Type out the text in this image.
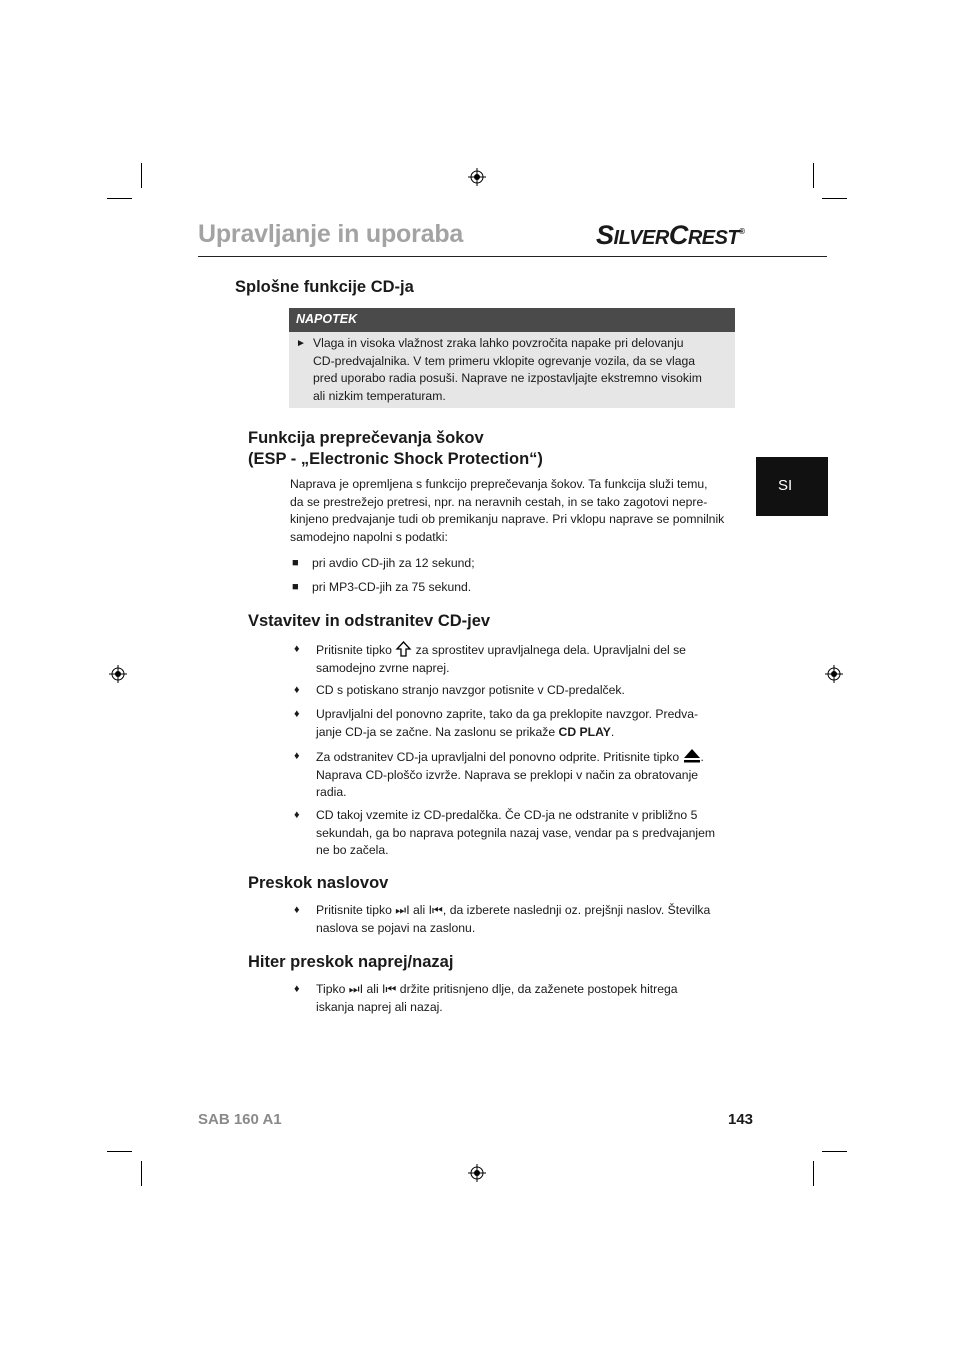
Upravljanje in uporaba	SILVERCREST®
Splošne funkcije CD-ja
NAPOTEK
► Vlaga in visoka vlažnost zraka lahko povzročita napake pri delovanju
CD-predvajalnika. V tem primeru vklopite ogrevanje vozila, da se vlaga
pred uporabo radia posuši. Naprave ne izpostavljajte ekstremno visokim
ali nizkim temperaturam.
Funkcija preprečevanja šokov
(ESP - „Electronic Shock Protection“)
Naprava je opremljena s funkcijo preprečevanja šokov. Ta funkcija služi temu,
da se prestrežejo pretresi, npr. na neravnih cestah, in se tako zagotovi nepre-
kinjeno predvajanje tudi ob premikanju naprave. Pri vklopu naprave se pomnilnik
samodejno napolni s podatki:
■ pri avdio CD-jih za 12 sekund;
■ pri MP3-CD-jih za 75 sekund.
Vstavitev in odstranitev CD-jev
♦ Pritisnite tipko za sprostitev upravljalnega dela. Upravljalni del se
samodejno zvrne naprej.
♦ CD s potiskano stranjo navzgor potisnite v CD-predalček.
♦ Upravljalni del ponovno zaprite, tako da ga preklopite navzgor. Predva-
janje CD-ja se začne. Na zaslonu se prikaže CD PLAY.
♦ Za odstranitev CD-ja upravljalni del ponovno odprite. Pritisnite tipko .
Naprava CD-ploščo izvrže. Naprava se preklopi v način za obratovanje
radia.
♦ CD takoj vzemite iz CD-predalčka. Če CD-ja ne odstranite v približno 5
sekundah, ga bo naprava potegnila nazaj vase, vendar pa s predvajanjem
ne bo začela.
Preskok naslovov
♦ Pritisnite tipko ⏭I ali I⏮, da izberete naslednji oz. prejšnji naslov. Številka
naslova se pojavi na zaslonu.
Hiter preskok naprej/nazaj
♦ Tipko ⏭I ali I⏮ držite pritisnjeno dlje, da zaženete postopek hitrega
iskanja naprej ali nazaj.
SI
SAB 160 A1	143
